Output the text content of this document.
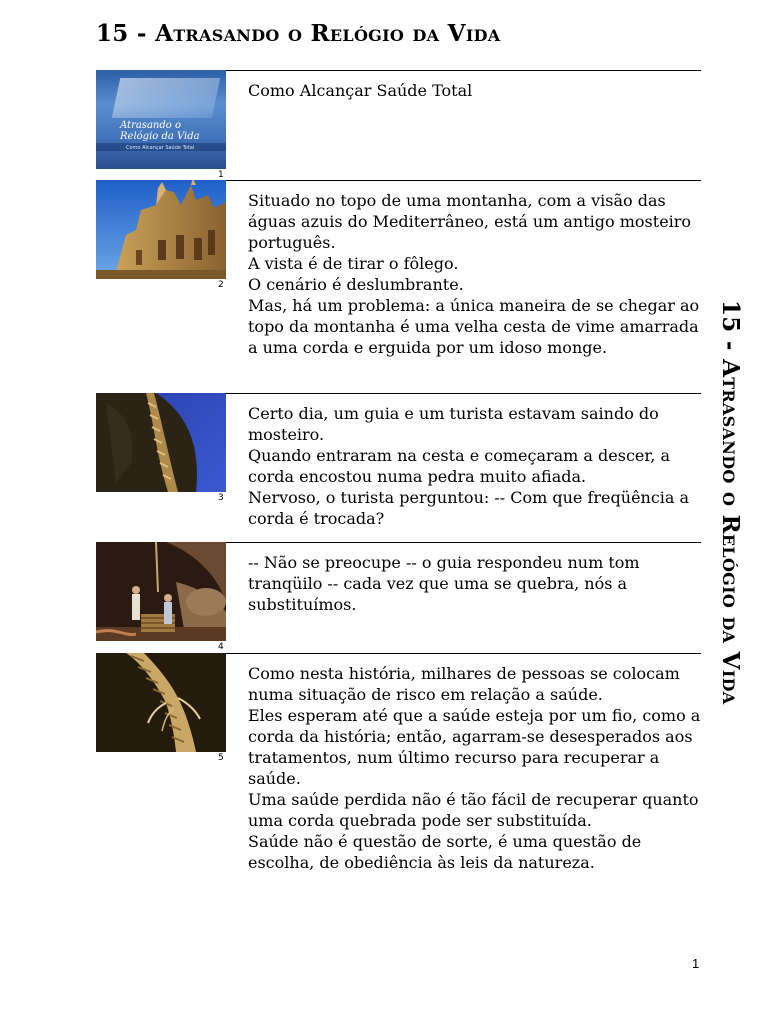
15 - Atrasando o Relógio da Vida
15 - Atrasando o Relógio da Vida
Atrasando o Relógio da Vida
Como Alcançar Saúde Total
1
Como Alcançar Saúde Total
2
Situado no topo de uma montanha, com a visão das águas azuis do Mediterrâneo, está um antigo mosteiro português.
A vista é de tirar o fôlego.
O cenário é deslumbrante.
Mas, há um problema: a única maneira de se chegar ao topo da montanha é uma velha cesta de vime amarrada a uma corda e erguida por um idoso monge.
3
Certo dia, um guia e um turista estavam saindo do mosteiro.
Quando entraram na cesta e começaram a descer, a corda encostou numa pedra muito afiada.
Nervoso, o turista perguntou: -- Com que freqüência a corda é trocada?
4
-- Não se preocupe -- o guia respondeu num tom tranqüilo -- cada vez que uma se quebra, nós a substituímos.
5
Como nesta história, milhares de pessoas se colocam numa situação de risco em relação a saúde.
Eles esperam até que a saúde esteja por um fio, como a corda da história; então, agarram-se desesperados aos tratamentos, num último recurso para recuperar a saúde.
Uma saúde perdida não é tão fácil de recuperar quanto uma corda quebrada pode ser substituída.
Saúde não é questão de sorte, é uma questão de escolha, de obediência às leis da natureza.
1
